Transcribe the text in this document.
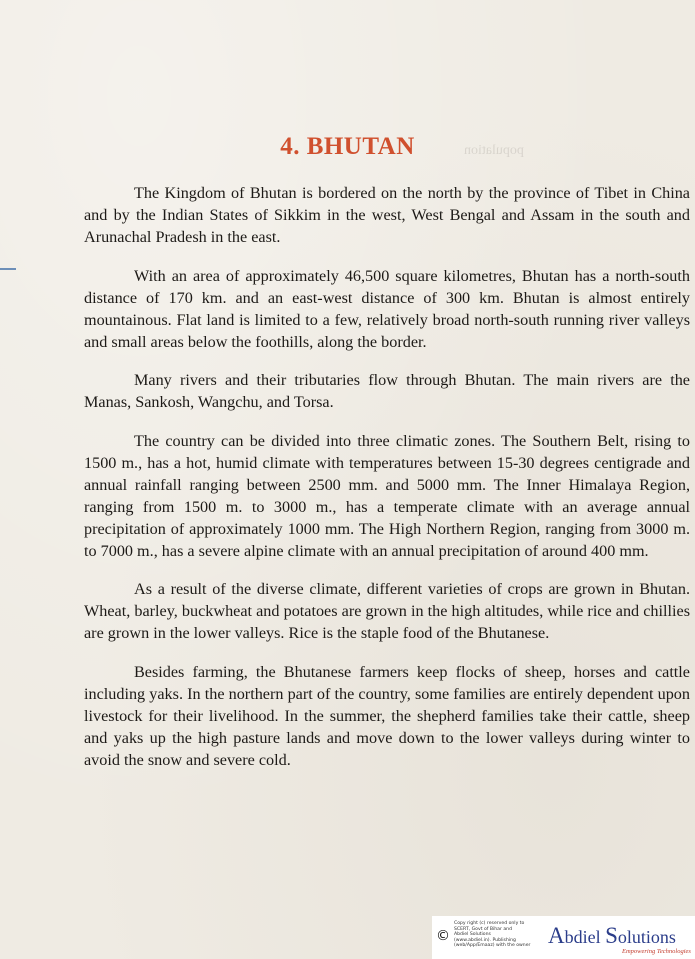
population
4. BHUTAN

The Kingdom of Bhutan is bordered on the north by the province of Tibet in China and by the Indian States of Sikkim in the west, West Bengal and Assam in the south and Arunachal Pradesh in the east.

With an area of approximately 46,500 square kilometres, Bhutan has a north-south distance of 170 km. and an east-west distance of 300 km. Bhutan is almost entirely mountainous. Flat land is limited to a few, relatively broad north-south running river valleys and small areas below the foothills, along the border.

Many rivers and their tributaries flow through Bhutan. The main rivers are the Manas, Sankosh, Wangchu, and Torsa.

The country can be divided into three climatic zones. The Southern Belt, rising to 1500 m., has a hot, humid climate with temperatures between 15-30 degrees centigrade and annual rainfall ranging between 2500 mm. and 5000 mm. The Inner Himalaya Region, ranging from 1500 m. to 3000 m., has a temperate climate with an average annual precipitation of approximately 1000 mm. The High Northern Region, ranging from 3000 m. to 7000 m., has a severe alpine climate with an annual precipitation of around 400 mm.

As a result of the diverse climate, different varieties of crops are grown in Bhutan. Wheat, barley, buckwheat and potatoes are grown in the high altitudes, while rice and chillies are grown in the lower valleys. Rice is the staple food of the Bhutanese.

Besides farming, the Bhutanese farmers keep flocks of sheep, horses and cattle including yaks. In the northern part of the country, some families are entirely dependent upon livestock for their livelihood. In the summer, the shepherd families take their cattle, sheep and yaks up the high pasture lands and move down to the lower valleys during winter to avoid the snow and severe cold.

©
Copy right (c) reserved only to
SCERT, Govt of Bihar and
Abdiel Solutions
(www.abdiel.in). Publishing
(web/App/Emaaz) with the owner Abdiel Solutions
Empowering Technologies
